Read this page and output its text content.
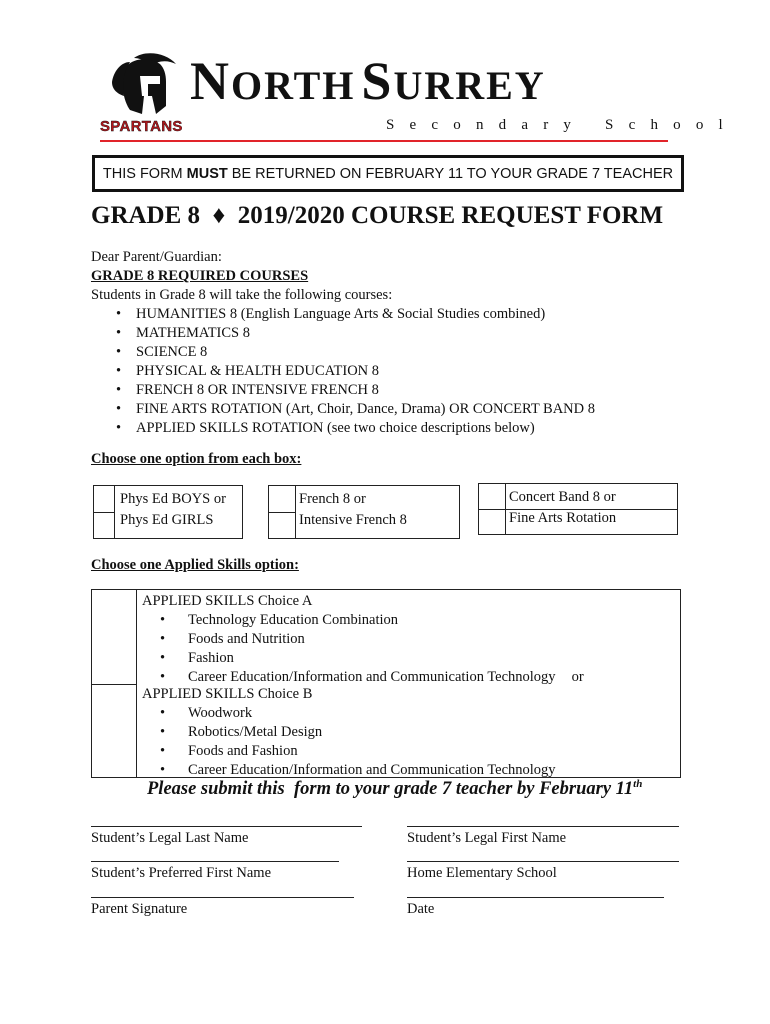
NORTH SURREY
Secondary School
SPARTANS
THIS FORM MUST BE RETURNED ON FEBRUARY 11 TO YOUR GRADE 7 TEACHER
GRADE 8  ♦  2019/2020 COURSE REQUEST FORM
Dear Parent/Guardian:
GRADE 8 REQUIRED COURSES
Students in Grade 8 will take the following courses:
• HUMANITIES 8 (English Language Arts & Social Studies combined)
• MATHEMATICS 8
• SCIENCE 8
• PHYSICAL & HEALTH EDUCATION 8
• FRENCH 8 OR INTENSIVE FRENCH 8
• FINE ARTS ROTATION (Art, Choir, Dance, Drama) OR CONCERT BAND 8
• APPLIED SKILLS ROTATION (see two choice descriptions below)
Choose one option from each box:
Phys Ed BOYS or
Phys Ed GIRLS
French 8 or
Intensive French 8
Concert Band 8 or
Fine Arts Rotation
Choose one Applied Skills option:
APPLIED SKILLS Choice A
• Technology Education Combination
• Foods and Nutrition
• Fashion
• Career Education/Information and Communication Technology or
APPLIED SKILLS Choice B
• Woodwork
• Robotics/Metal Design
• Foods and Fashion
• Career Education/Information and Communication Technology
Please submit this  form to your grade 7 teacher by February 11th
Student’s Legal Last Name	Student’s Legal First Name
Student’s Preferred First Name	Home Elementary School
Parent Signature	Date
